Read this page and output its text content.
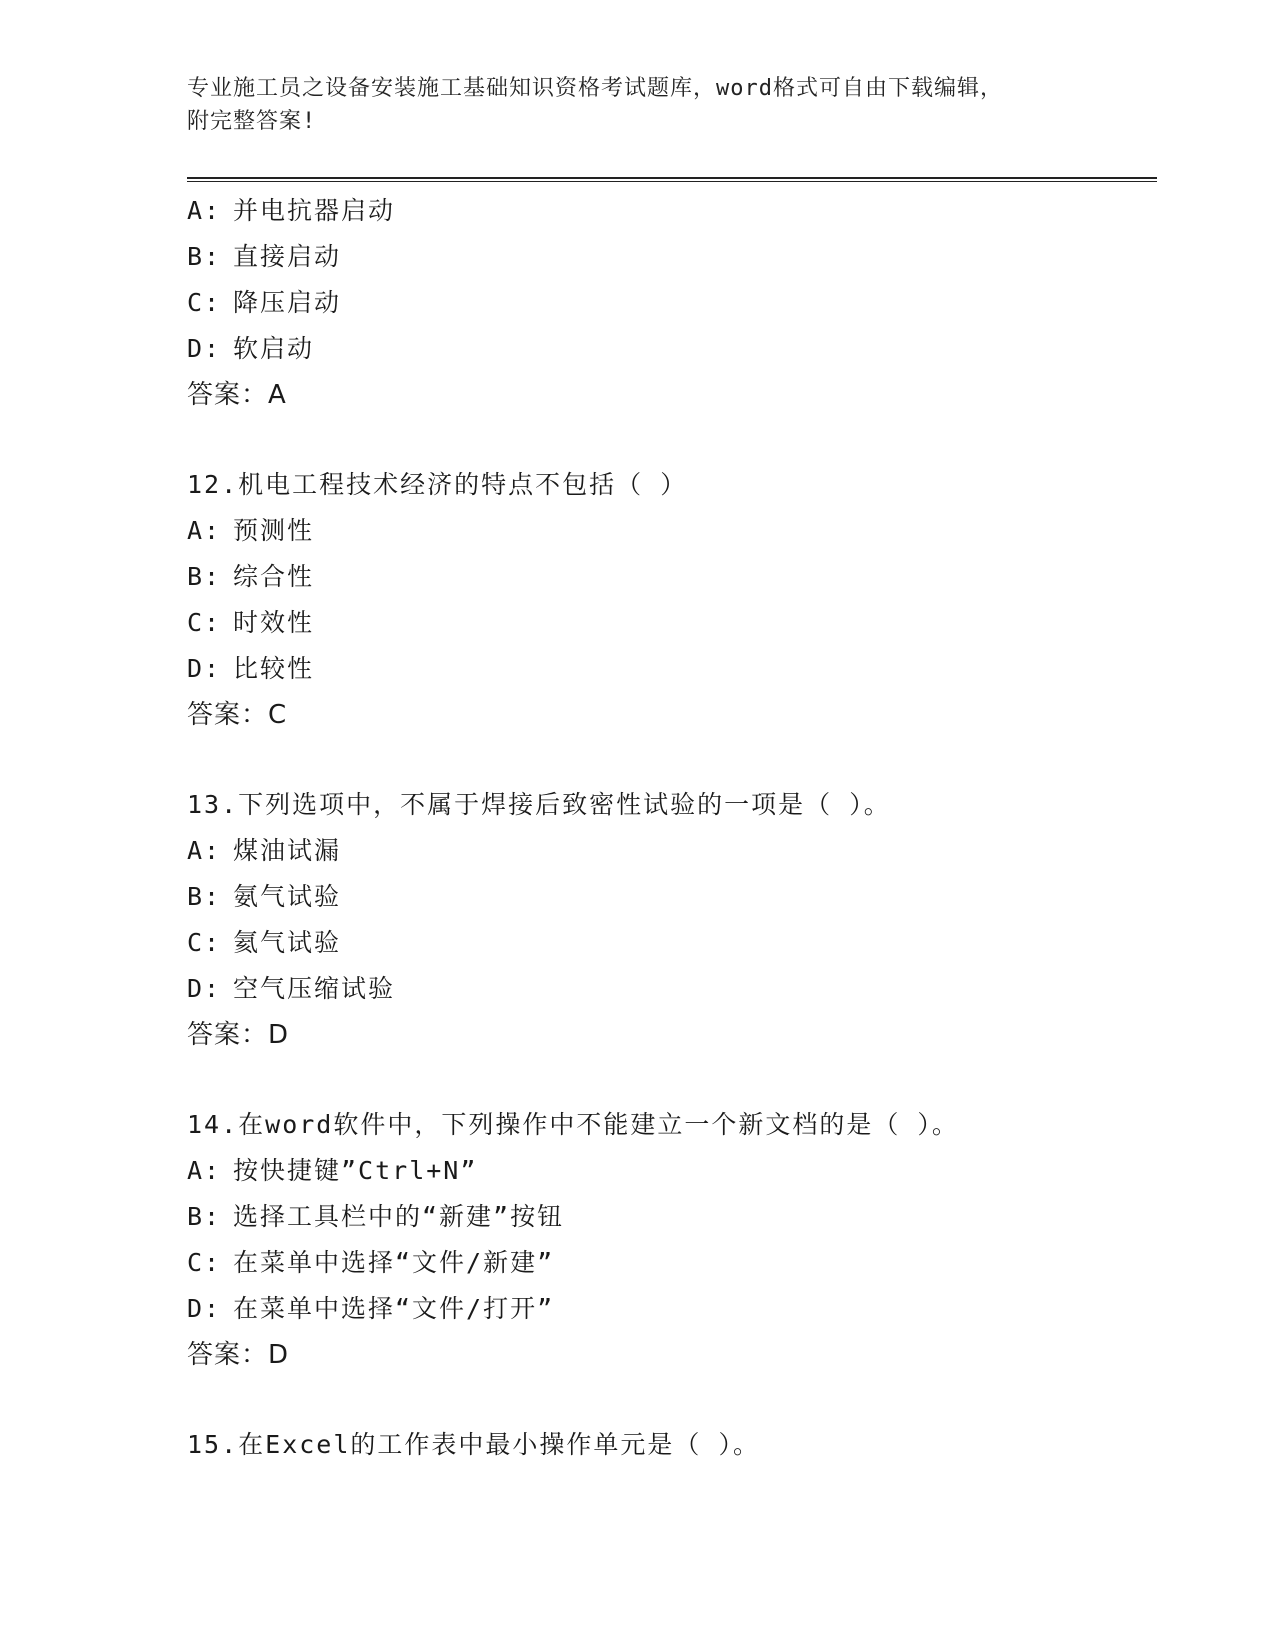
专业施工员之设备安装施工基础知识资格考试题库，word格式可自由下载编辑，
附完整答案!
A: 并电抗器启动
B: 直接启动
C: 降压启动
D: 软启动
答案：A
12.机电工程技术经济的特点不包括（ ）
A: 预测性
B: 综合性
C: 时效性
D: 比较性
答案：C
13.下列选项中，不属于焊接后致密性试验的一项是（ ）。
A: 煤油试漏
B: 氨气试验
C: 氦气试验
D: 空气压缩试验
答案：D
14.在word软件中，下列操作中不能建立一个新文档的是（ ）。
A: 按快捷键”Ctrl+N”
B: 选择工具栏中的“新建”按钮
C: 在菜单中选择“文件/新建”
D: 在菜单中选择“文件/打开”
答案：D
15.在Excel的工作表中最小操作单元是（ ）。
